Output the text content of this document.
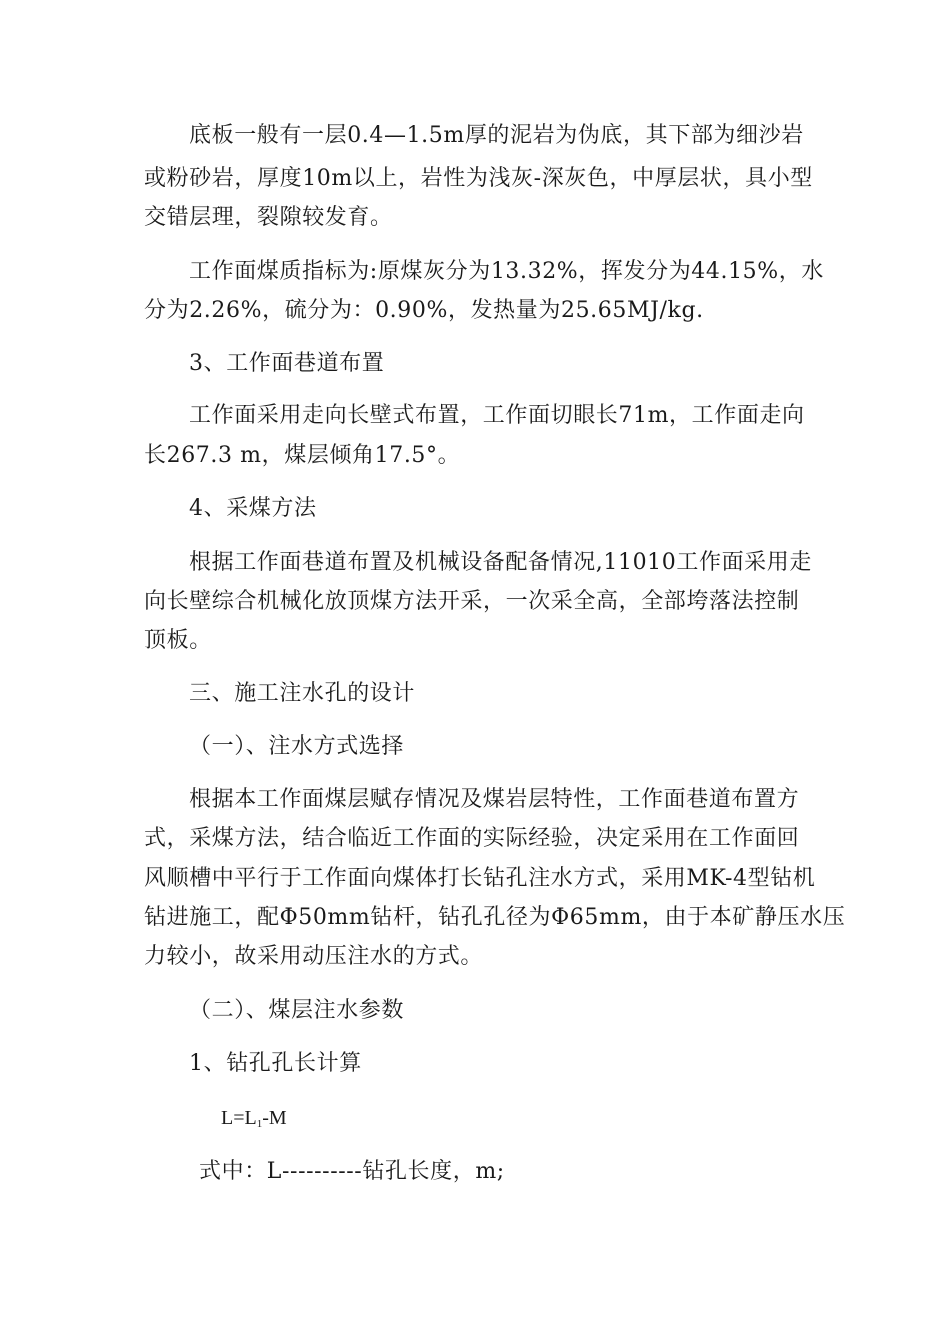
底板一般有一层0.4—1.5m厚的泥岩为伪底，其下部为细沙岩
或粉砂岩，厚度10m以上，岩性为浅灰-深灰色，中厚层状，具小型
交错层理，裂隙较发育。
工作面煤质指标为:原煤灰分为13.32%，挥发分为44.15%，水
分为2.26%，硫分为：0.90%，发热量为25.65MJ/kg.
3、工作面巷道布置
工作面采用走向长壁式布置，工作面切眼长71m，工作面走向
长267.3 m，煤层倾角17.5°。
4、采煤方法
根据工作面巷道布置及机械设备配备情况,11010工作面采用走
向长壁综合机械化放顶煤方法开采，一次采全高，全部垮落法控制
顶板。
三、施工注水孔的设计
（一）、注水方式选择
根据本工作面煤层赋存情况及煤岩层特性，工作面巷道布置方
式，采煤方法，结合临近工作面的实际经验，决定采用在工作面回
风顺槽中平行于工作面向煤体打长钻孔注水方式，采用MK-4型钻机
钻进施工，配Φ50mm钻杆，钻孔孔径为Φ65mm，由于本矿静压水压
力较小，故采用动压注水的方式。
（二）、煤层注水参数
1、钻孔孔长计算
$L=L_1-M$
式中：L----------钻孔长度，m;
